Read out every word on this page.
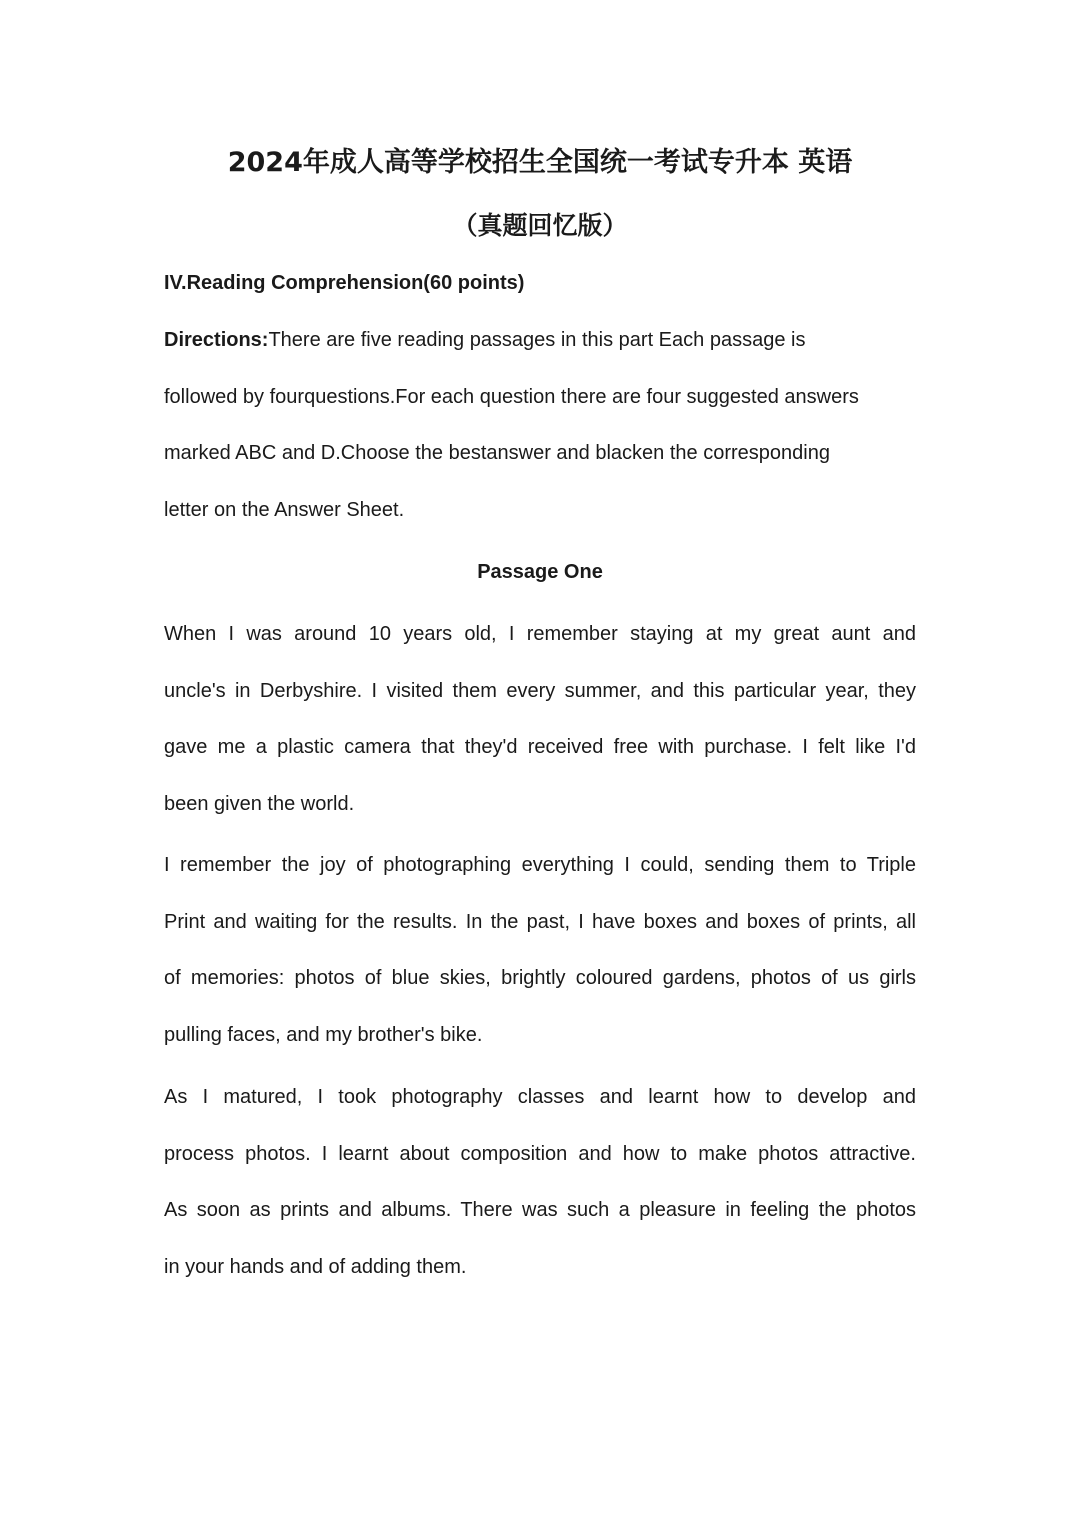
2024年成人高等学校招生全国统一考试专升本 英语
（真题回忆版）
IV.Reading Comprehension(60 points)
Directions:There are five reading passages in this part Each passage is
followed by fourquestions.For each question there are four suggested answers
marked ABC and D.Choose the bestanswer and blacken the corresponding
letter on the Answer Sheet.
Passage One
When I was around 10 years old, I remember staying at my great aunt and
uncle's in Derbyshire. I visited them every summer, and this particular year, they
gave me a plastic camera that they'd received free with purchase. I felt like I'd
been given the world.
I remember the joy of photographing everything I could, sending them to Triple
Print and waiting for the results. In the past, I have boxes and boxes of prints, all
of memories: photos of blue skies, brightly coloured gardens, photos of us girls
pulling faces, and my brother's bike.
As I matured, I took photography classes and learnt how to develop and
process photos. I learnt about composition and how to make photos attractive.
As soon as prints and albums. There was such a pleasure in feeling the photos
in your hands and of adding them.
